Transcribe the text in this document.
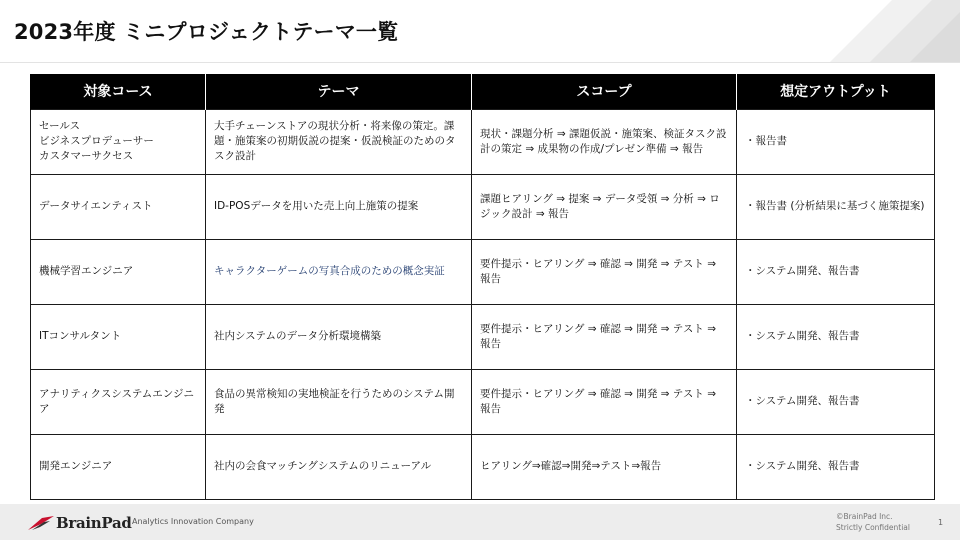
2023年度 ミニプロジェクトテーマ一覧
対象コース	テーマ	スコープ	想定アウトプット

セールス
ビジネスプロデューサー
カスタマーサクセス	大手チェーンストアの現状分析・将来像の策定。課題・施策案の初期仮説の提案・仮説検証のためのタスク設計	現状・課題分析 ⇒ 課題仮説・施策案、検証タスク設計の策定 ⇒ 成果物の作成/プレゼン準備 ⇒ 報告	・報告書
データサイエンティスト	ID-POSデータを用いた売上向上施策の提案	課題ヒアリング ⇒ 提案 ⇒ データ受領 ⇒ 分析 ⇒ ロジック設計 ⇒ 報告	・報告書 (分析結果に基づく施策提案)
機械学習エンジニア	キャラクターゲームの写真合成のための概念実証	要件提示・ヒアリング ⇒ 確認 ⇒ 開発 ⇒ テスト ⇒ 報告	・システム開発、報告書
ITコンサルタント	社内システムのデータ分析環境構築	要件提示・ヒアリング ⇒ 確認 ⇒ 開発 ⇒ テスト ⇒ 報告	・システム開発、報告書
アナリティクスシステムエンジニア	食品の異常検知の実地検証を行うためのシステム開発	要件提示・ヒアリング ⇒ 確認 ⇒ 開発 ⇒ テスト ⇒ 報告	・システム開発、報告書
開発エンジニア	社内の会食マッチングシステムのリニューアル	ヒアリング⇒確認⇒開発⇒テスト⇒報告	・システム開発、報告書
BrainPad Analytics Innovation Company
©BrainPad Inc.
Strictly Confidential
1
